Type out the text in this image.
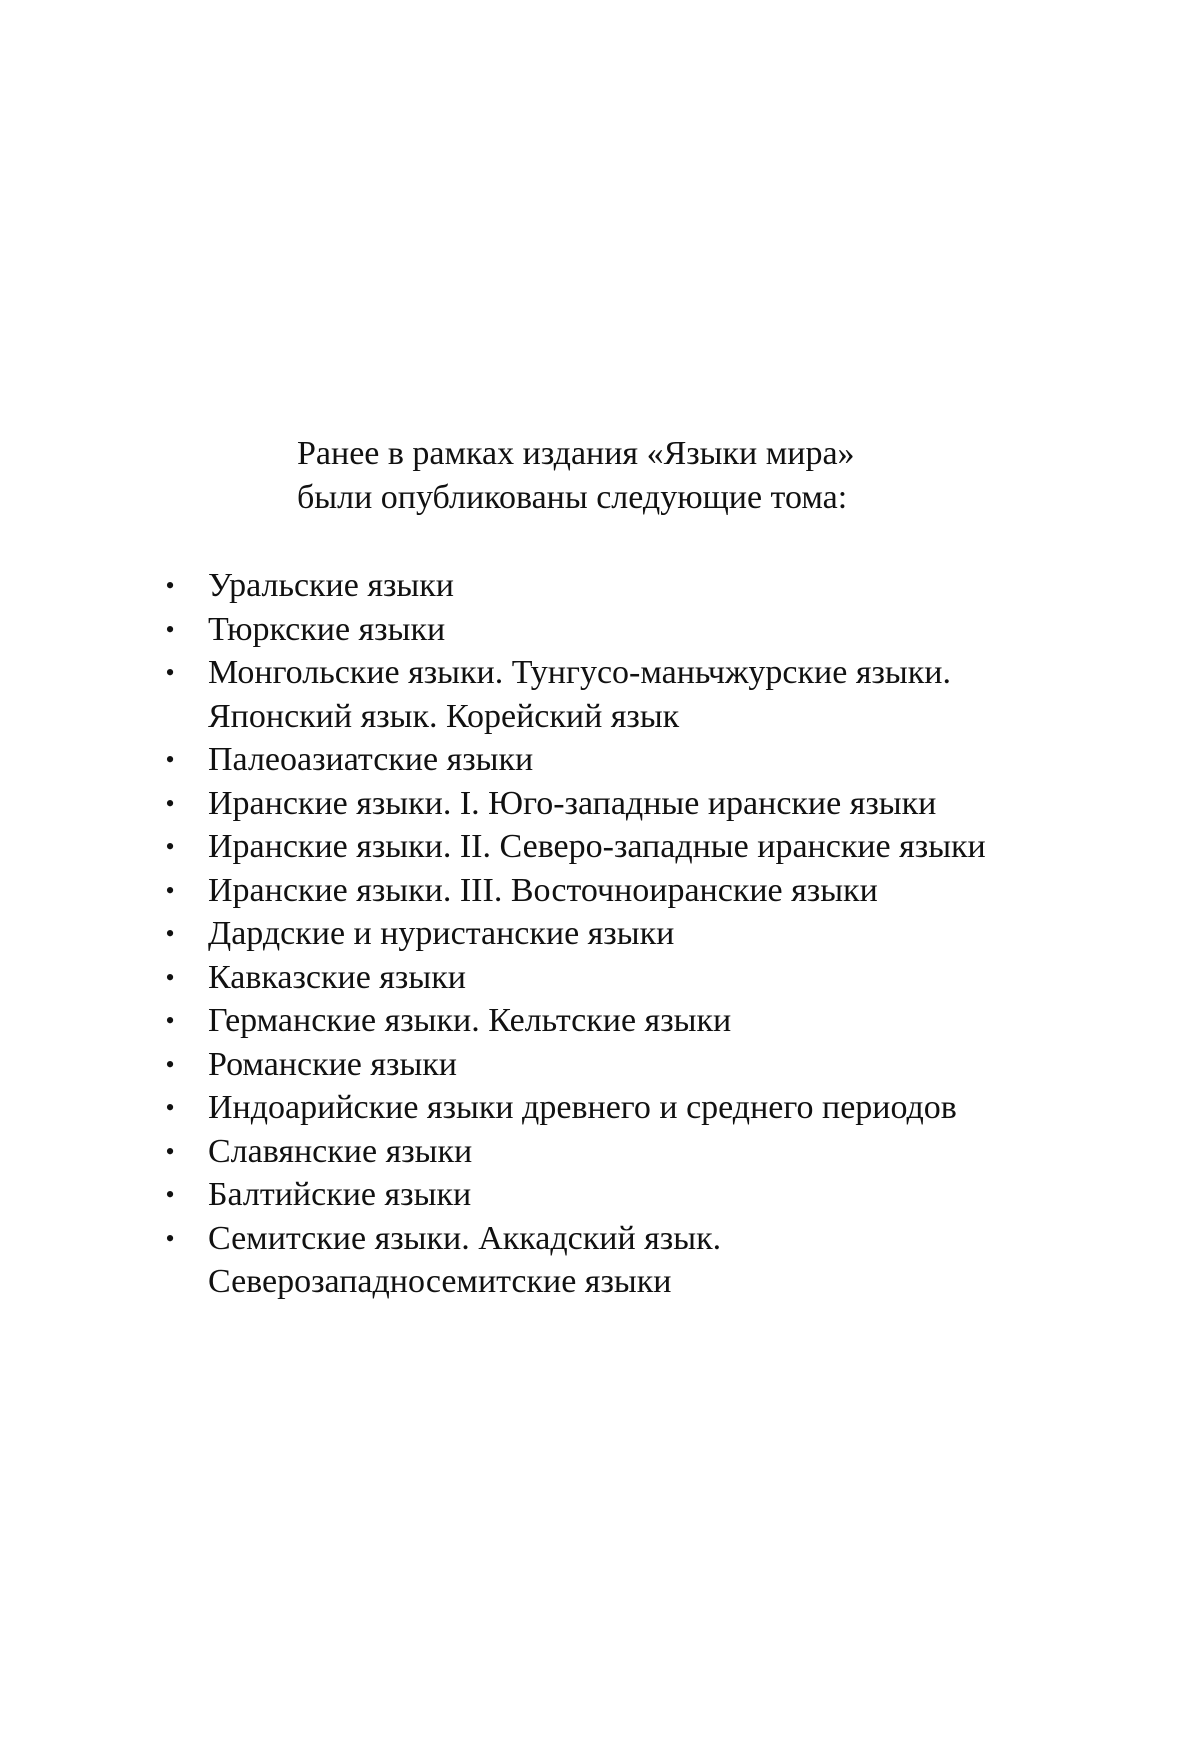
Ранее в рамках издания «Языки мира»
были опубликованы следующие тома:
• Уральские языки
• Тюркские языки
• Монгольские языки. Тунгусо-маньчжурские языки. Японский язык. Корейский язык
• Палеоазиатские языки
• Иранские языки. I. Юго-западные иранские языки
• Иранские языки. II. Северо-западные иранские языки
• Иранские языки. III. Восточноиранские языки
• Дардские и нуристанские языки
• Кавказские языки
• Германские языки. Кельтские языки
• Романские языки
• Индоарийские языки древнего и среднего периодов
• Славянские языки
• Балтийские языки
• Семитские языки. Аккадский язык. Северозападносемитские языки
